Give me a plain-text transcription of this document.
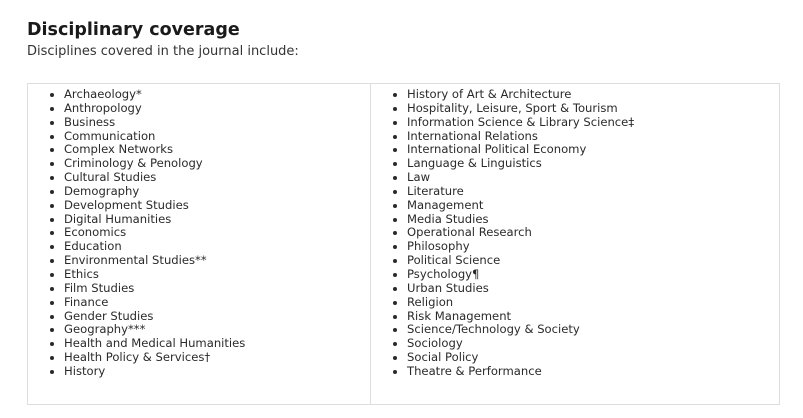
Disciplinary coverage

Disciplines covered in the journal include:

• Archaeology*
• Anthropology
• Business
• Communication
• Complex Networks
• Criminology & Penology
• Cultural Studies
• Demography
• Development Studies
• Digital Humanities
• Economics
• Education
• Environmental Studies**
• Ethics
• Film Studies
• Finance
• Gender Studies
• Geography***
• Health and Medical Humanities
• Health Policy & Services†
• History

• History of Art & Architecture
• Hospitality, Leisure, Sport & Tourism
• Information Science & Library Science‡
• International Relations
• International Political Economy
• Language & Linguistics
• Law
• Literature
• Management
• Media Studies
• Operational Research
• Philosophy
• Political Science
• Psychology¶
• Urban Studies
• Religion
• Risk Management
• Science/Technology & Society
• Sociology
• Social Policy
• Theatre & Performance
